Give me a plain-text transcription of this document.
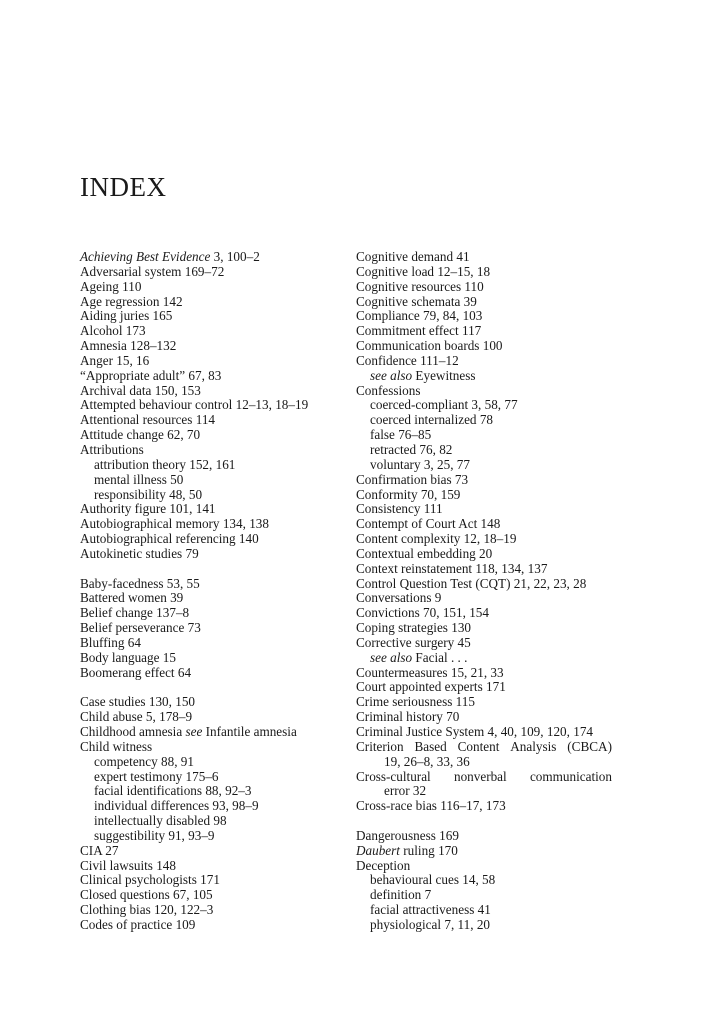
INDEX
Achieving Best Evidence 3, 100–2
Adversarial system 169–72
Ageing 110
Age regression 142
Aiding juries 165
Alcohol 173
Amnesia 128–132
Anger 15, 16
“Appropriate adult” 67, 83
Archival data 150, 153
Attempted behaviour control 12–13, 18–19
Attentional resources 114
Attitude change 62, 70
Attributions
attribution theory 152, 161
mental illness 50
responsibility 48, 50
Authority figure 101, 141
Autobiographical memory 134, 138
Autobiographical referencing 140
Autokinetic studies 79
Baby-facedness 53, 55
Battered women 39
Belief change 137–8
Belief perseverance 73
Bluffing 64
Body language 15
Boomerang effect 64
Case studies 130, 150
Child abuse 5, 178–9
Childhood amnesia see Infantile amnesia
Child witness
competency 88, 91
expert testimony 175–6
facial identifications 88, 92–3
individual differences 93, 98–9
intellectually disabled 98
suggestibility 91, 93–9
CIA 27
Civil lawsuits 148
Clinical psychologists 171
Closed questions 67, 105
Clothing bias 120, 122–3
Codes of practice 109
Cognitive demand 41
Cognitive load 12–15, 18
Cognitive resources 110
Cognitive schemata 39
Compliance 79, 84, 103
Commitment effect 117
Communication boards 100
Confidence 111–12
see also Eyewitness
Confessions
coerced-compliant 3, 58, 77
coerced internalized 78
false 76–85
retracted 76, 82
voluntary 3, 25, 77
Confirmation bias 73
Conformity 70, 159
Consistency 111
Contempt of Court Act 148
Content complexity 12, 18–19
Contextual embedding 20
Context reinstatement 118, 134, 137
Control Question Test (CQT) 21, 22, 23, 28
Conversations 9
Convictions 70, 151, 154
Coping strategies 130
Corrective surgery 45
see also Facial . . .
Countermeasures 15, 21, 33
Court appointed experts 171
Crime seriousness 115
Criminal history 70
Criminal Justice System 4, 40, 109, 120, 174
Criterion Based Content Analysis (CBCA)
19, 26–8, 33, 36
Cross-cultural nonverbal communication
error 32
Cross-race bias 116–17, 173
Dangerousness 169
Daubert ruling 170
Deception
behavioural cues 14, 58
definition 7
facial attractiveness 41
physiological 7, 11, 20
